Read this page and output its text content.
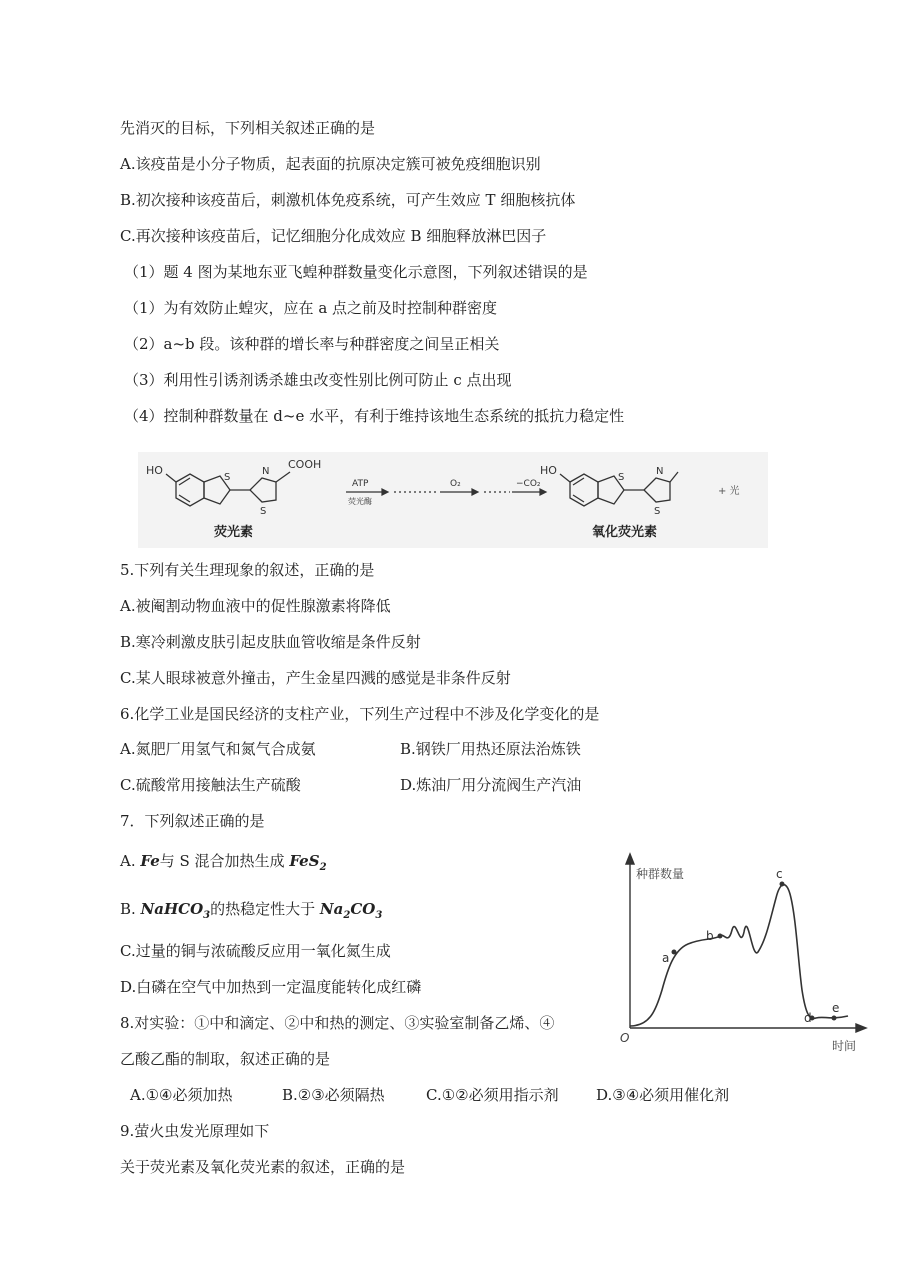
先消灭的目标，下列相关叙述正确的是
A.该疫苗是小分子物质，起表面的抗原决定簇可被免疫细胞识别
B.初次接种该疫苗后，刺激机体免疫系统，可产生效应 T 细胞核抗体
C.再次接种该疫苗后，记忆细胞分化成效应 B 细胞释放淋巴因子
（1）题 4 图为某地东亚飞蝗种群数量变化示意图，下列叙述错误的是
（1）为有效防止蝗灾，应在 a 点之前及时控制种群密度
（2）a~b 段。该种群的增长率与种群密度之间呈正相关
（3）利用性引诱剂诱杀雄虫改变性别比例可防止 c 点出现
（4）控制种群数量在 d~e 水平，有利于维持该地生态系统的抵抗力稳定性
HO
S
N
S
COOH
荧光素
ATP
荧光酶
O₂	−CO₂
HO
S
N
S
+ 光
氧化荧光素
5.下列有关生理现象的叙述，正确的是
A.被阉割动物血液中的促性腺激素将降低
B.寒冷刺激皮肤引起皮肤血管收缩是条件反射
C.某人眼球被意外撞击，产生金星四溅的感觉是非条件反射
6.化学工业是国民经济的支柱产业，下列生产过程中不涉及化学变化的是
A.氮肥厂用氢气和氮气合成氨	B.钢铁厂用热还原法治炼铁
C.硫酸常用接触法生产硫酸	D.炼油厂用分流阀生产汽油
7．下列叙述正确的是
A. Fe与 S 混合加热生成 FeS$_2$
B. NaHCO$_3$的热稳定性大于 $Na_2CO_3$
C.过量的铜与浓硫酸反应用一氧化氮生成
D.白磷在空气中加热到一定温度能转化成红磷
8.对实验：①中和滴定、②中和热的测定、③实验室制备乙烯、④
乙酸乙酯的制取，叙述正确的是
A.①④必须加热	B.②③必须隔热	C.①②必须用指示剂 D.③④必须用催化剂
9.萤火虫发光原理如下
关于荧光素及氧化荧光素的叙述，正确的是
种群数量
时间
O
a
b
c
d
e
